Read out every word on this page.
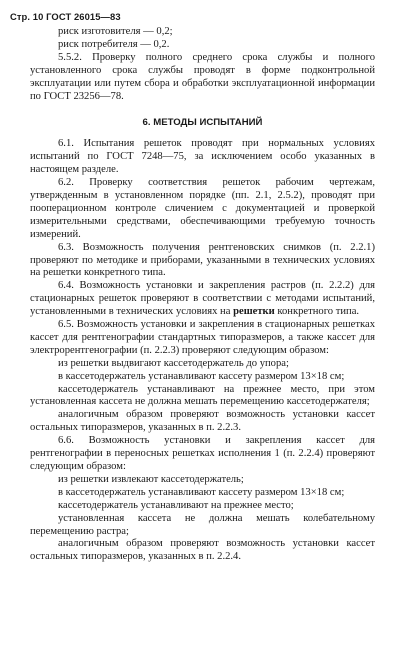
Стр. 10 ГОСТ 26015—83
риск изготовителя — 0,2;
риск потребителя — 0,2.

5.5.2. Проверку полного среднего срока службы и полного установленного срока службы проводят в форме подконтрольной эксплуатации или путем сбора и обработки эксплуатационной информации по ГОСТ 23256—78.

6. МЕТОДЫ ИСПЫТАНИЙ

6.1. Испытания решеток проводят при нормальных условиях испытаний по ГОСТ 7248—75, за исключением особо указанных в настоящем разделе.

6.2. Проверку соответствия решеток рабочим чертежам, утвержденным в установленном порядке (пп. 2.1, 2.5.2), проводят при пооперационном контроле сличением с документацией и проверкой измерительными средствами, обеспечивающими требуемую точность измерений.

6.3. Возможность получения рентгеновских снимков (п. 2.2.1) проверяют по методике и приборами, указанными в технических условиях на решетки конкретного типа.

6.4. Возможность установки и закрепления растров (п. 2.2.2) для стационарных решеток проверяют в соответствии с методами испытаний, установленными в технических условиях на решетки конкретного типа.

6.5. Возможность установки и закрепления в стационарных решетках кассет для рентгенографии стандартных типоразмеров, а также кассет для электрорентгенографии (п. 2.2.3) проверяют следующим образом:

из решетки выдвигают кассетодержатель до упора;

в кассетодержатель устанавливают кассету размером 13×18 см;

кассетодержатель устанавливают на прежнее место, при этом установленная кассета не должна мешать перемещению кассетодержателя;

аналогичным образом проверяют возможность установки кассет остальных типоразмеров, указанных в п. 2.2.3.

6.6. Возможность установки и закрепления кассет для рентгенографии в переносных решетках исполнения 1 (п. 2.2.4) проверяют следующим образом:

из решетки извлекают кассетодержатель;

в кассетодержатель устанавливают кассету размером 13×18 см;

кассетодержатель устанавливают на прежнее место;

установленная кассета не должна мешать колебательному перемещению растра;

аналогичным образом проверяют возможность установки кассет остальных типоразмеров, указанных в п. 2.2.4.
